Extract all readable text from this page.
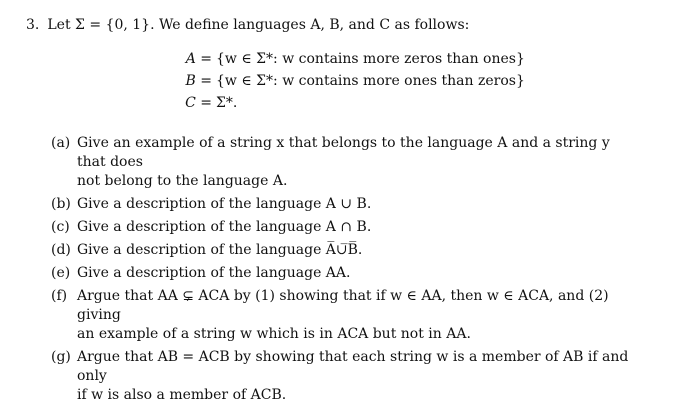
3. Let Σ = {0, 1}. We define languages A, B, and C as follows:
A = {w ∈ Σ*: w contains more zeros than ones}
B = {w ∈ Σ*: w contains more ones than zeros}
C = Σ*.
(a) Give an example of a string x that belongs to the language A and a string y that does
not belong to the language A.
(b) Give a description of the language A ∪ B.
(c) Give a description of the language A ∩ B.
(d) Give a description of the language A̅∪̅B̅.
(e) Give a description of the language AA.
(f) Argue that AA ⊊ ACA by (1) showing that if w ∈ AA, then w ∈ ACA, and (2) giving
an example of a string w which is in ACA but not in AA.
(g) Argue that AB = ACB by showing that each string w is a member of AB if and only
if w is also a member of ACB.
